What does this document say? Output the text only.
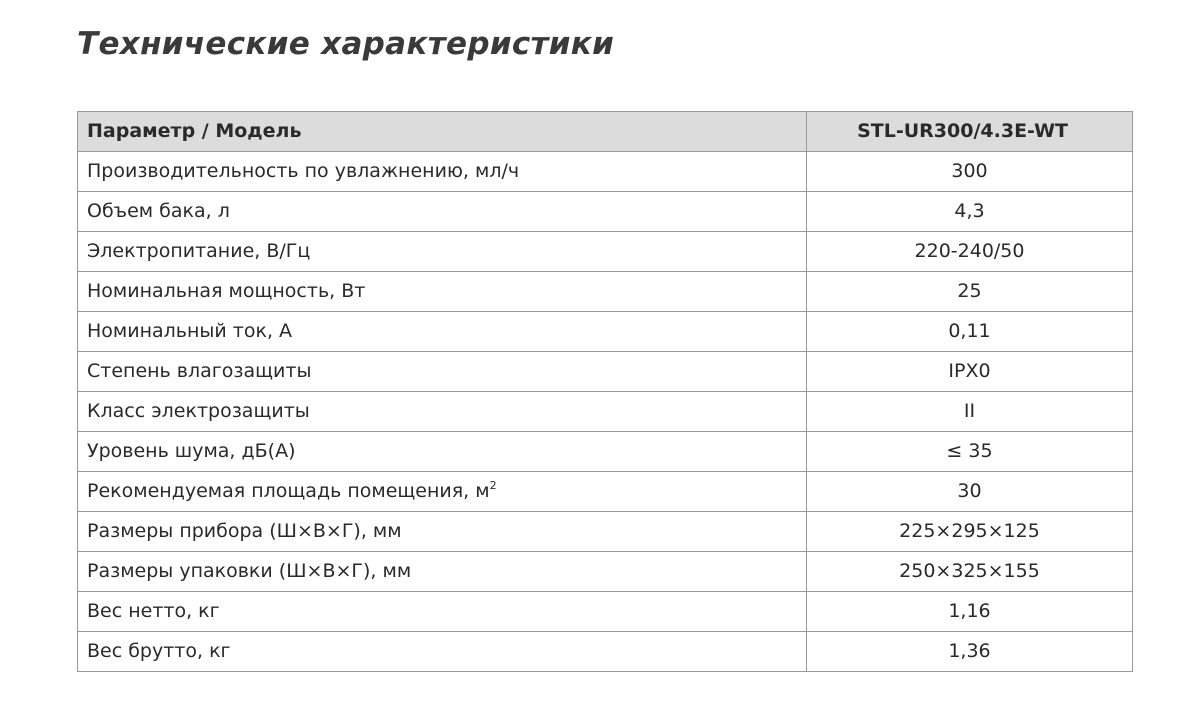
Технические характеристики
Параметр / Модель	STL-UR300/4.3E-WT
Производительность по увлажнению, мл/ч	300
Объем бака, л	4,3
Электропитание, В/Гц	220-240/50
Номинальная мощность, Вт	25
Номинальный ток, А	0,11
Степень влагозащиты	IPX0
Класс электрозащиты	II
Уровень шума, дБ(А)	≤ 35
Рекомендуемая площадь помещения, $м^2$	30
Размеры прибора (Ш×В×Г), мм	225×295×125
Размеры упаковки (Ш×В×Г), мм	250×325×155
Вес нетто, кг	1,16
Вес брутто, кг	1,36
